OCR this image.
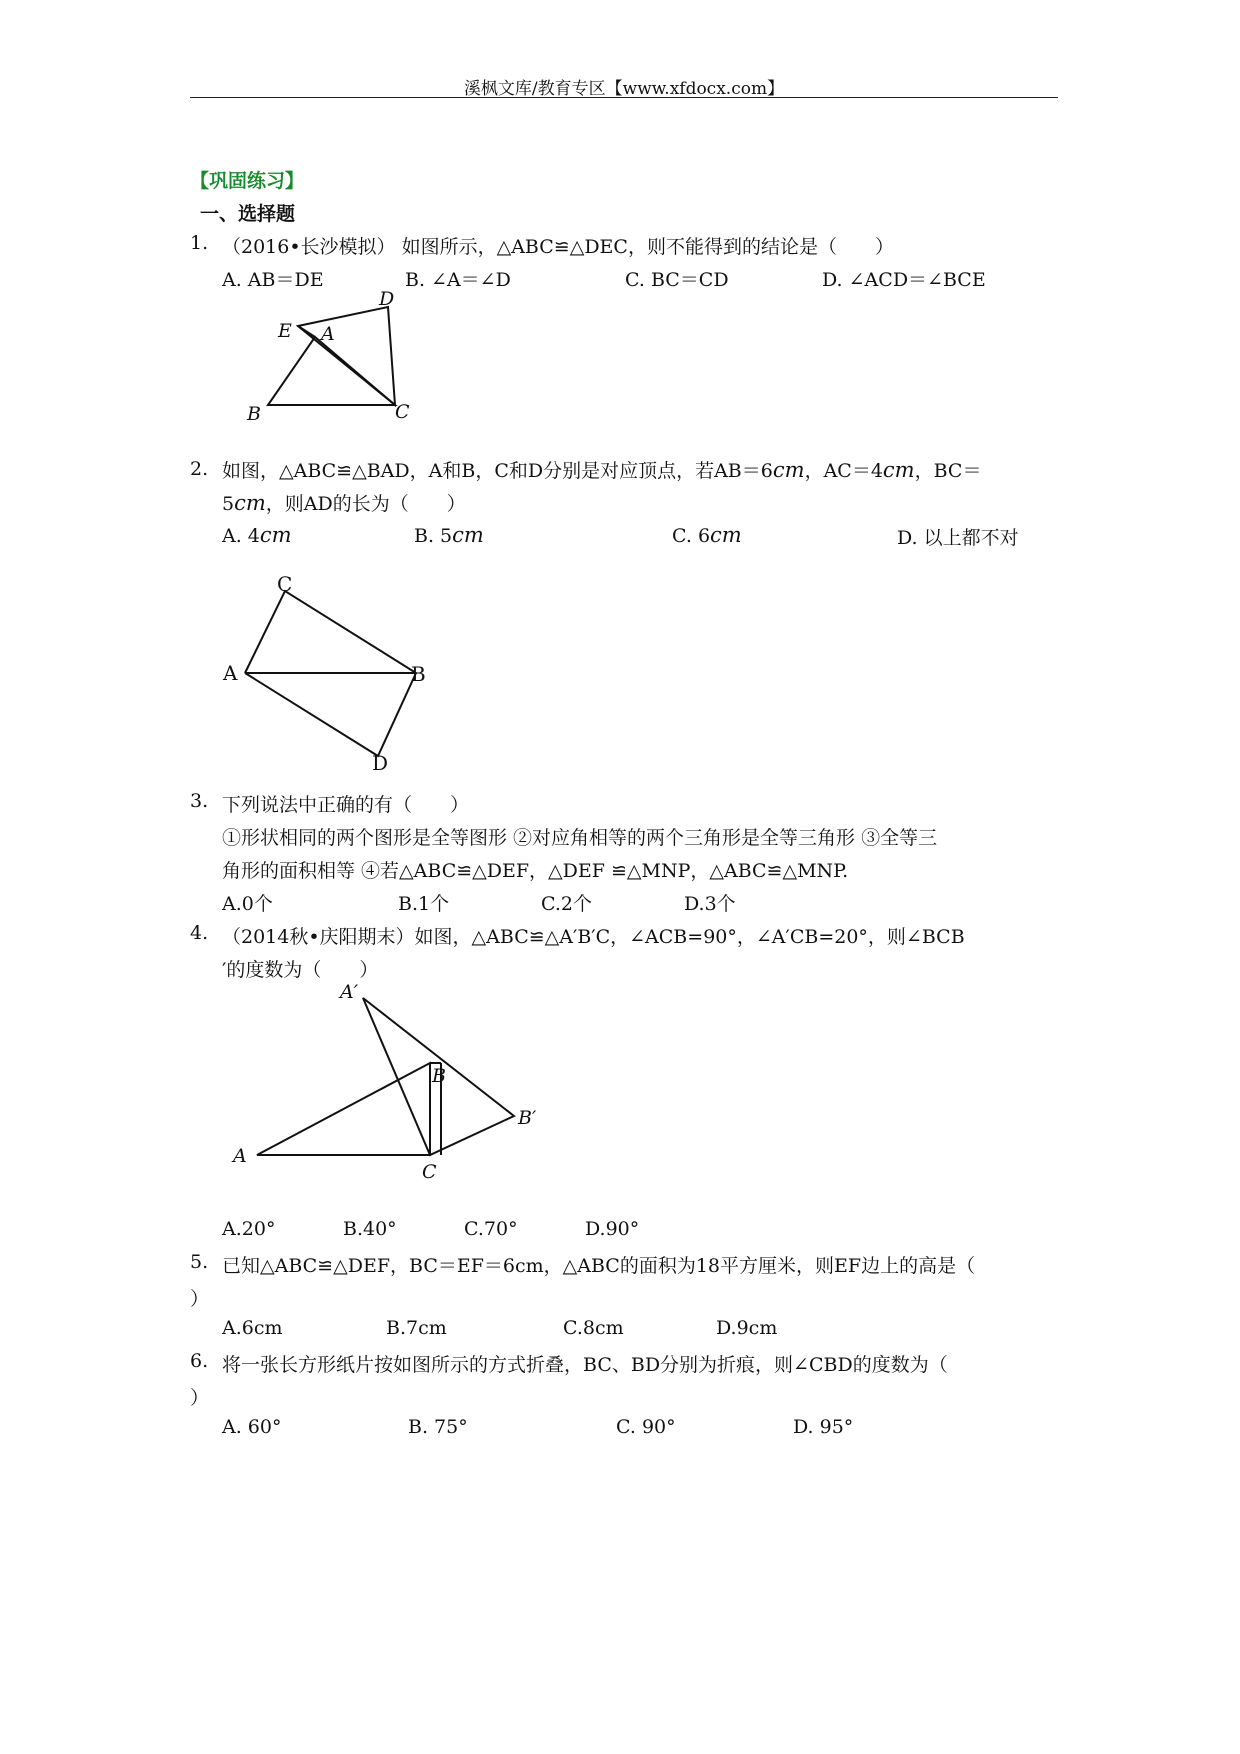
溪枫文库/教育专区【www.xfdocx.com】
【巩固练习】
一、选择题
1. （2016•长沙模拟） 如图所示，△ABC≌△DEC，则不能得到的结论是（　　）
A. AB＝DE	B. ∠A＝∠D	C. BC＝CD	D. ∠ACD＝∠BCE
D
E A
B	C
2. 如图，△ABC≌△BAD，A和B，C和D分别是对应顶点，若AB＝6cm，AC＝4cm，BC＝
5cm，则AD的长为（　　）
A. 4cm	B. 5cm	C. 6cm	D. 以上都不对
C
A	B
D
3. 下列说法中正确的有（　　）
①形状相同的两个图形是全等图形 ②对应角相等的两个三角形是全等三角形 ③全等三
角形的面积相等 ④若△ABC≌△DEF，△DEF ≌△MNP，△ABC≌△MNP.
A.0个	B.1个	C.2个	D.3个
4. （2014秋•庆阳期末）如图，△ABC≌△A′B′C，∠ACB=90°，∠A′CB=20°，则∠BCB
′的度数为（　　）
A′
B
B′
A
C
A.20°	B.40°	C.70°	D.90°
5. 已知△ABC≌△DEF，BC＝EF＝6cm，△ABC的面积为18平方厘米，则EF边上的高是（
）
A.6cm	B.7cm	C.8cm	D.9cm
6. 将一张长方形纸片按如图所示的方式折叠，BC、BD分别为折痕，则∠CBD的度数为（
）
A. 60°	B. 75°	C. 90°	D. 95°
